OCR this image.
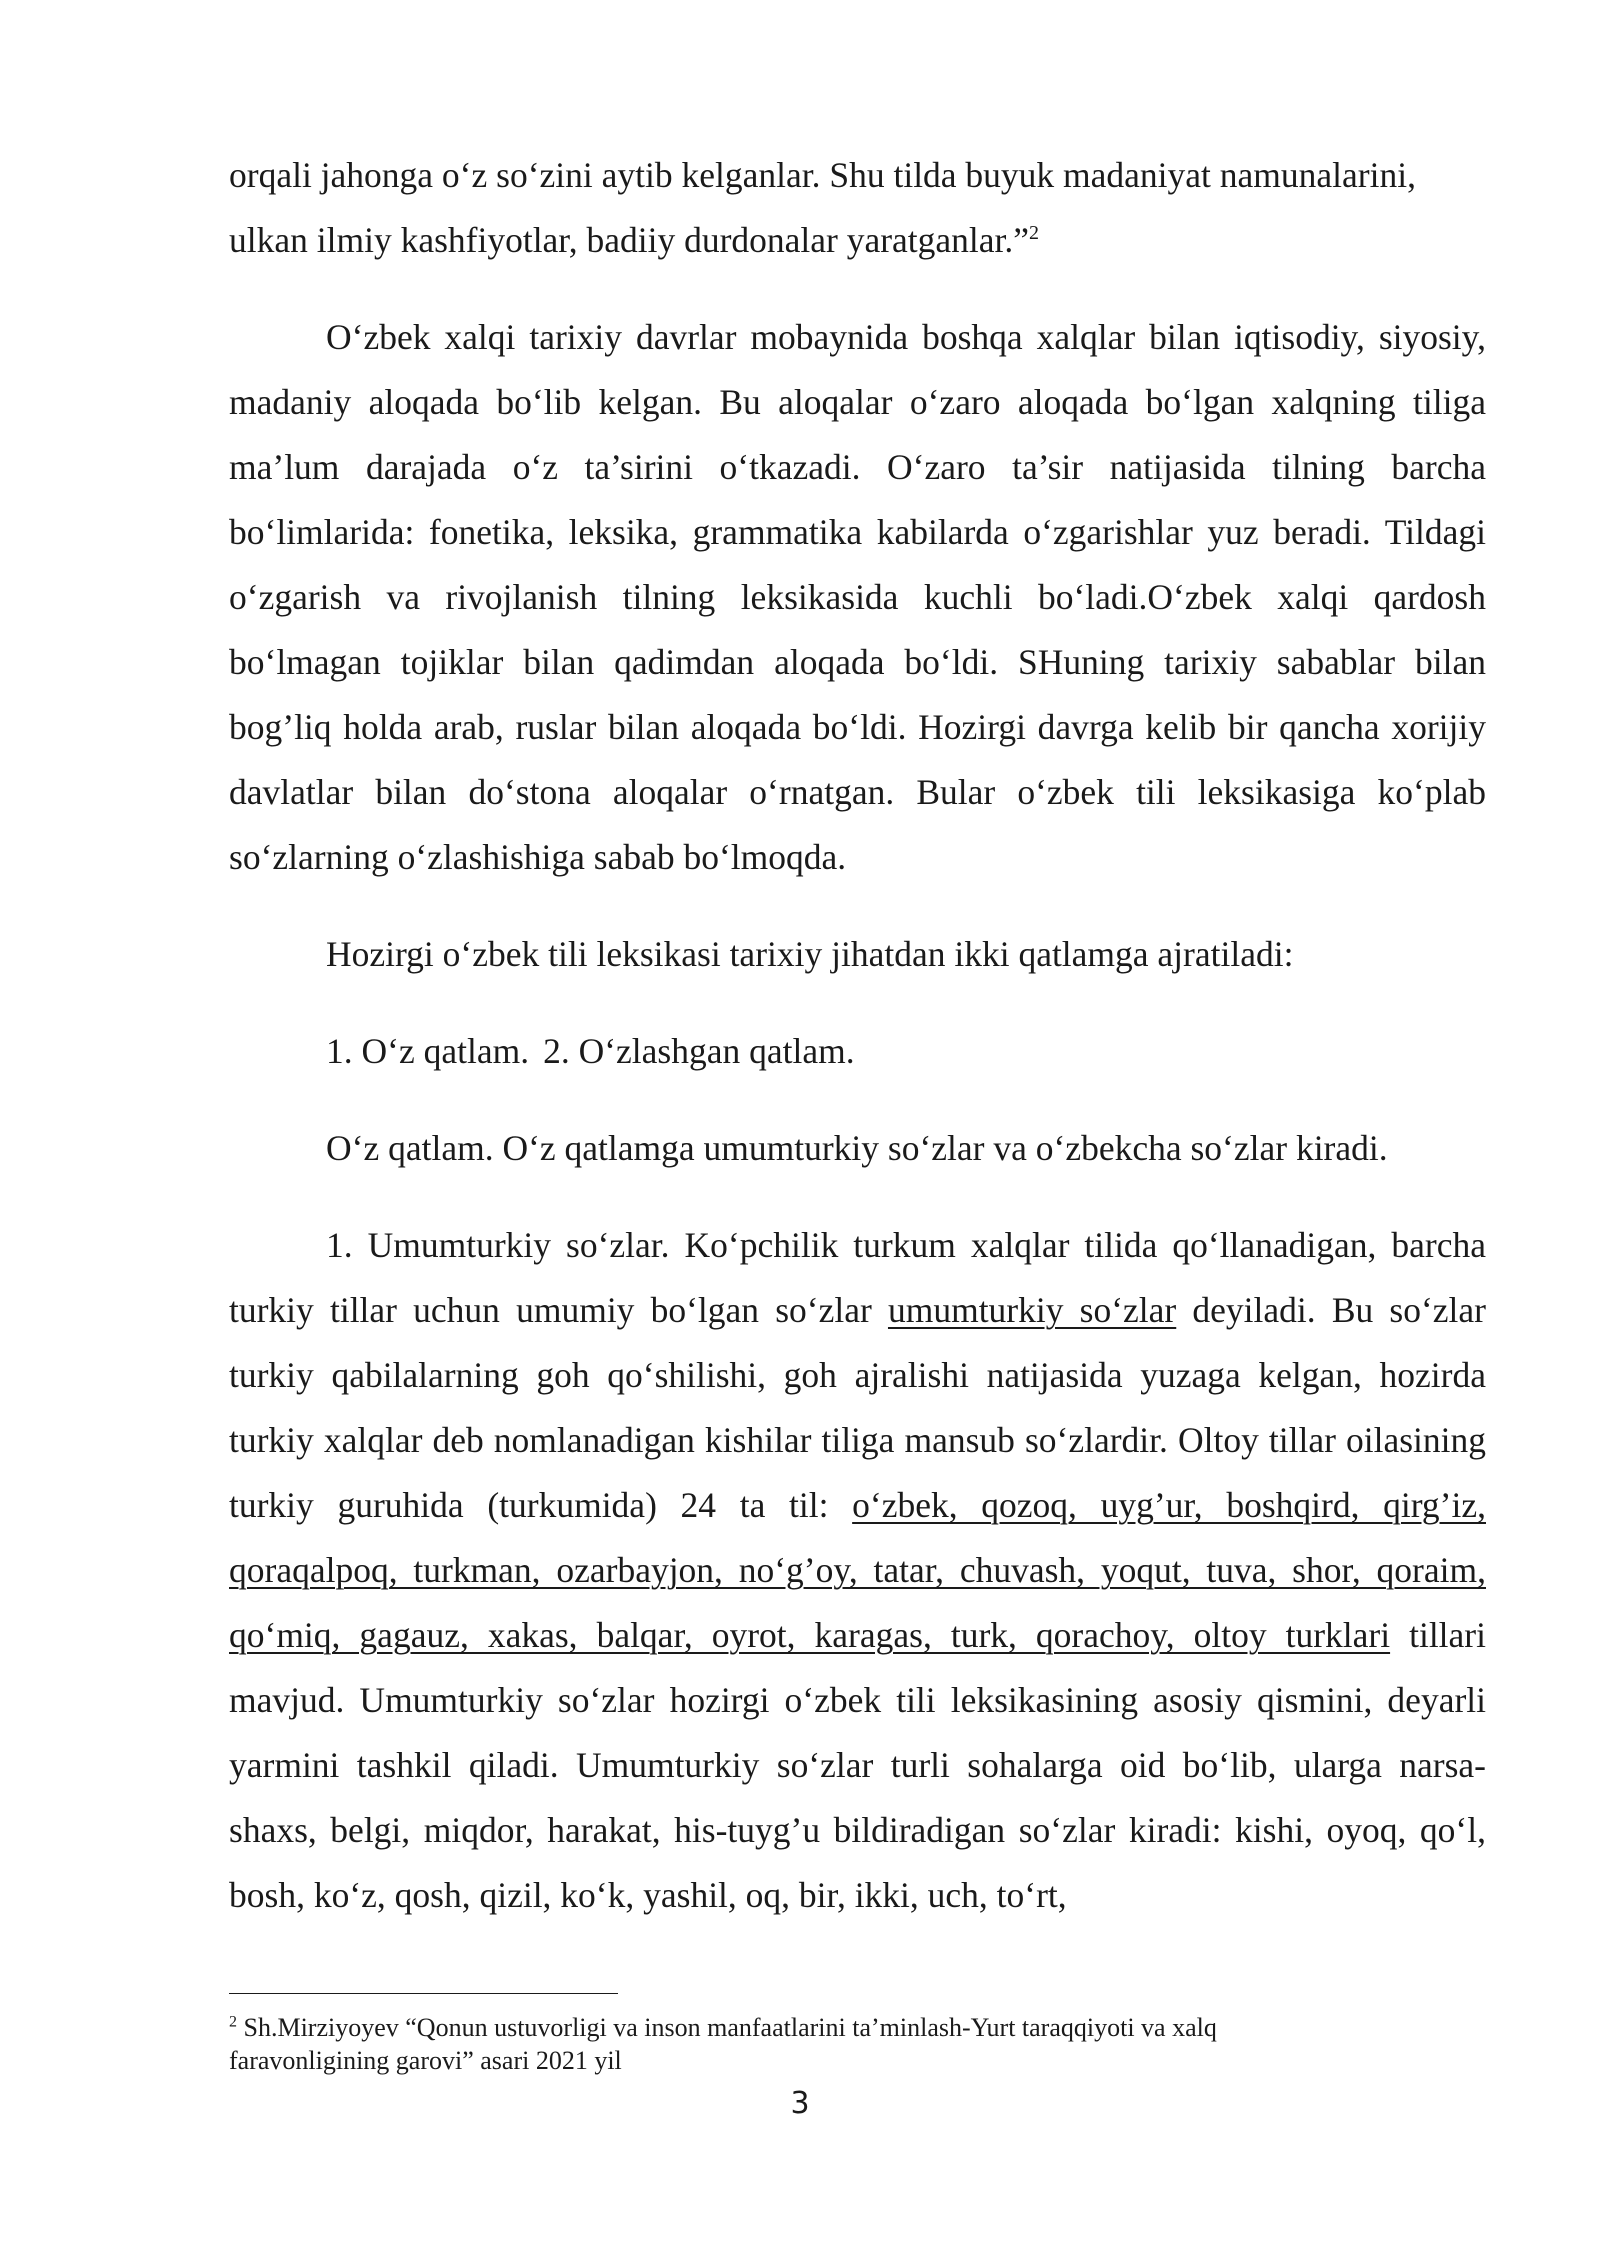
orqali jahonga o‘z so‘zini aytib kelganlar. Shu tilda buyuk madaniyat namunalarini,
ulkan ilmiy kashfiyotlar, badiiy durdonalar yaratganlar.”$^2$

O‘zbek xalqi tarixiy davrlar mobaynida boshqa xalqlar bilan iqtisodiy, siyosiy, madaniy aloqada bo‘lib kelgan. Bu aloqalar o‘zaro aloqada bo‘lgan xalqning tiliga ma’lum darajada o‘z ta’sirini o‘tkazadi. O‘zaro ta’sir natijasida tilning barcha bo‘limlarida: fonetika, leksika, grammatika kabilarda o‘zgarishlar yuz beradi. Tildagi o‘zgarish va rivojlanish tilning leksikasida kuchli bo‘ladi.O‘zbek xalqi qardosh bo‘lmagan tojiklar bilan qadimdan aloqada bo‘ldi. SHuning tarixiy sabablar bilan bog’liq holda arab, ruslar bilan aloqada bo‘ldi. Hozirgi davrga kelib bir qancha xorijiy davlatlar bilan do‘stona aloqalar o‘rnatgan. Bular o‘zbek tili leksikasiga ko‘plab so‘zlarning o‘zlashishiga sabab bo‘lmoqda.

Hozirgi o‘zbek tili leksikasi tarixiy jihatdan ikki qatlamga ajratiladi:

1. O‘z qatlam. 2. O‘zlashgan qatlam.

O‘z qatlam. O‘z qatlamga umumturkiy so‘zlar va o‘zbekcha so‘zlar kiradi.

1. Umumturkiy so‘zlar. Ko‘pchilik turkum xalqlar tilida qo‘llanadigan, barcha turkiy tillar uchun umumiy bo‘lgan so‘zlar umumturkiy so‘zlar deyiladi. Bu so‘zlar turkiy qabilalarning goh qo‘shilishi, goh ajralishi natijasida yuzaga kelgan, hozirda turkiy xalqlar deb nomlanadigan kishilar tiliga mansub so‘zlardir. Oltoy tillar oilasining turkiy guruhida (turkumida) 24 ta til: o‘zbek, qozoq, uyg’ur, boshqird, qirg’iz, qoraqalpoq, turkman, ozarbayjon, no‘g’oy, tatar, chuvash, yoqut, tuva, shor, qoraim, qo‘miq, gagauz, xakas, balqar, oyrot, karagas, turk, qorachoy, oltoy turklari tillari mavjud. Umumturkiy so‘zlar hozirgi o‘zbek tili leksikasining asosiy qismini, deyarli yarmini tashkil qiladi. Umumturkiy so‘zlar turli sohalarga oid bo‘lib, ularga narsa-shaxs, belgi, miqdor, harakat, his-tuyg’u bildiradigan so‘zlar kiradi: kishi, oyoq, qo‘l, bosh, ko‘z, qosh, qizil, ko‘k, yashil, oq, bir, ikki, uch, to‘rt,

$^2$ Sh.Mirziyoyev “Qonun ustuvorligi va inson manfaatlarini ta’minlash-Yurt taraqqiyoti va xalq faravonligining garovi” asari 2021 yil
3
